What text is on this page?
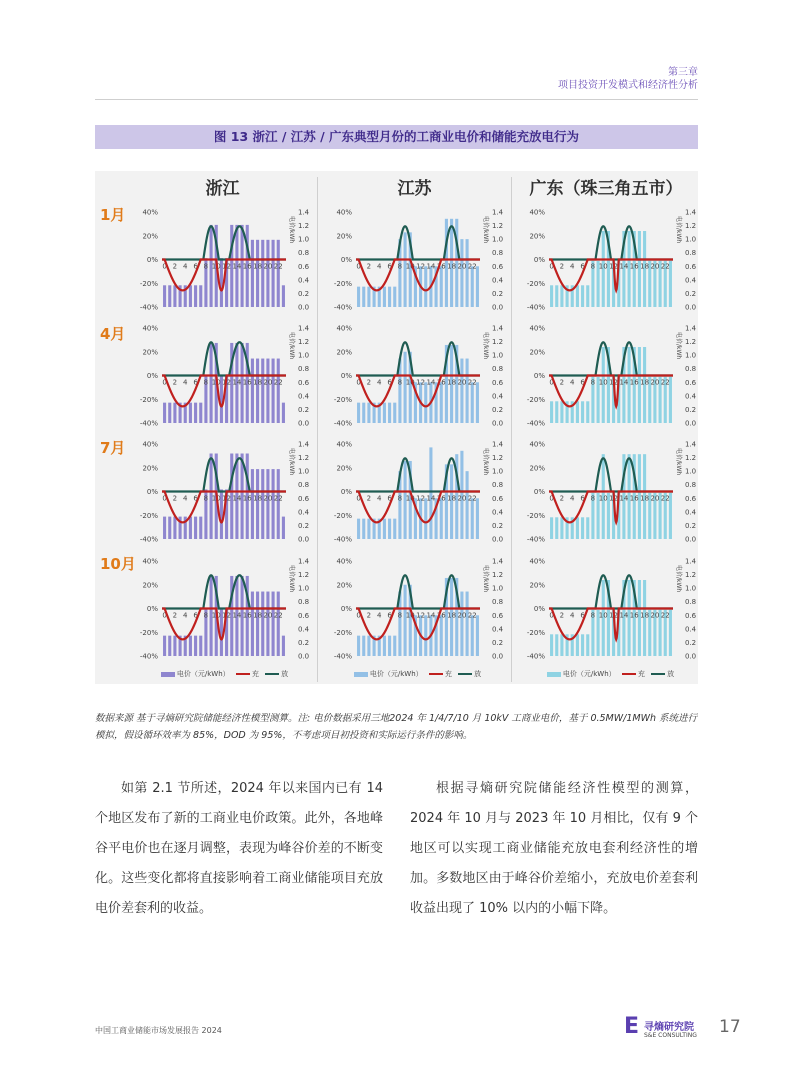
第三章
项目投资开发模式和经济性分析
图 13 浙江 / 江苏 / 广东典型月份的工商业电价和储能充放电行为
浙江	江苏	广东（珠三角五市）
1月
4月
7月
10月
40%
20%
0%
-20%
-40%
1.4
1.2
1.0
0.8
0.6
0.4
0.2
0.0
电价/kWh
0 2 4 6 8 10 12 14 16 18 20 22
40%
20%
0%
-20%
-40%
1.4
1.2
1.0
0.8
0.6
0.4
0.2
0.0
电价/kWh
0 2 4 6 8 10 12 14 16 18 20 22
40%
20%
0%
-20%
-40%
1.4
1.2
1.0
0.8
0.6
0.4
0.2
0.0
电价/kWh
0 2 4 6 8 10 12 14 16 18 20 22
40%
20%
0%
-20%
-40%
1.4
1.2
1.0
0.8
0.6
0.4
0.2
0.0
电价/kWh
0 2 4 6 8 10 12 14 16 18 20 22
40%
20%
0%
-20%
-40%
1.4
1.2
1.0
0.8
0.6
0.4
0.2
0.0
电价/kWh
0 2 4 6 8 10 12 14 16 18 20 22
40%
20%
0%
-20%
-40%
1.4
1.2
1.0
0.8
0.6
0.4
0.2
0.0
电价/kWh
0 2 4 6 8 10 12 14 16 18 20 22
40%
20%
0%
-20%
-40%
1.4
1.2
1.0
0.8
0.6
0.4
0.2
0.0
电价/kWh
0 2 4 6 8 10 12 14 16 18 20 22
40%
20%
0%
-20%
-40%
1.4
1.2
1.0
0.8
0.6
0.4
0.2
0.0
电价/kWh
0 2 4 6 8 10 12 14 16 18 20 22
40%
20%
0%
-20%
-40%
1.4
1.2
1.0
0.8
0.6
0.4
0.2
0.0
电价/kWh
0 2 4 6 8 10 12 14 16 18 20 22
40%
20%
0%
-20%
-40%
1.4
1.2
1.0
0.8
0.6
0.4
0.2
0.0
电价/kWh
0 2 4 6 8 10 12 14 16 18 20 22
40%
20%
0%
-20%
-40%
1.4
1.2
1.0
0.8
0.6
0.4
0.2
0.0
电价/kWh
0 2 4 6 8 10 12 14 16 18 20 22
40%
20%
0%
-20%
-40%
1.4
1.2
1.0
0.8
0.6
0.4
0.2
0.0
电价/kWh
0 2 4 6 8 10 12 14 16 18 20 22
电价（元/kWh）	充	放	电价（元/kWh）	充	放	电价（元/kWh）	充	放
数据来源 基于寻熵研究院储能经济性模型测算。注: 电价数据采用三地2024 年 1/4/7/10 月 10kV 工商业电价，基于 0.5MW/1MWh 系统进行模拟，假设循环效率为 85%，DOD 为 95%，不考虑项目初投资和实际运行条件的影响。

如第 2.1 节所述，2024 年以来国内已有 14 个地区发布了新的工商业电价政策。此外，各地峰谷平电价也在逐月调整，表现为峰谷价差的不断变化。这些变化都将直接影响着工商业储能项目充放电价差套利的收益。

根据寻熵研究院储能经济性模型的测算，2024 年 10 月与 2023 年 10 月相比，仅有 9 个地区可以实现工商业储能充放电套利经济性的增加。多数地区由于峰谷价差缩小，充放电价差套利收益出现了 10% 以内的小幅下降。

中国工商业储能市场发展报告 2024	E 寻熵研究院
S&E CONSULTING 17
